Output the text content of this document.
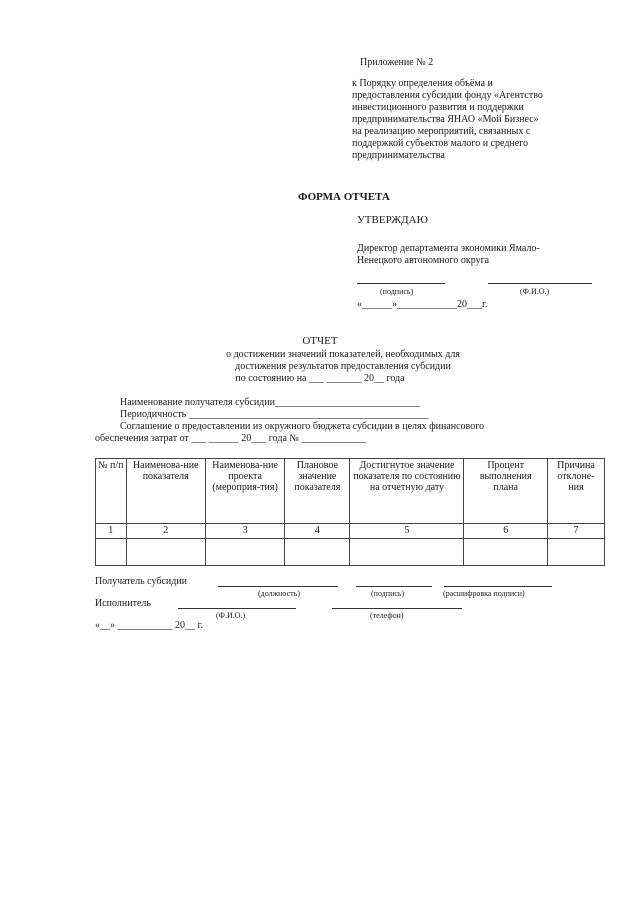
Приложение № 2
к Порядку определения объёма и
предоставления субсидии фонду «Агентство
инвестиционного развития и поддержки
предпринимательства ЯНАО «Мой Бизнес»
на реализацию мероприятий, связанных с
поддержкой субъектов малого и среднего
предпринимательства
ФОРМА ОТЧЕТА
УТВЕРЖДАЮ
Директор департамента экономики Ямало-
Ненецкого автономного округа
(подпись)	(Ф.И.О.)
«______»____________20___г.
ОТЧЕТ
о достижении значений показателей, необходимых для
достижения результатов предоставления субсидии
по состоянию на ___ _______ 20__ года
Наименование получателя субсидии_____________________________
Периодичность ________________________________________________
Соглашение о предоставлении из окружного бюджета субсидии в целях финансового
обеспечения затрат от ___ ______ 20___ года № _____________
№ п/п	Наименова-ние показателя	Наименова-ние проекта (мероприя-тия)	Плановое значение показателя	Достигнутое значение показателя по состоянию на отчетную дату	Процент выполнения плана	Причина отклоне-ния
1	2	3	4	5	6	7

Получатель субсидии
(должность)	(подпись)	(расшифровка подписи)
Исполнитель
(Ф.И.О.)	(телефон)
«__» ___________ 20__ г.
